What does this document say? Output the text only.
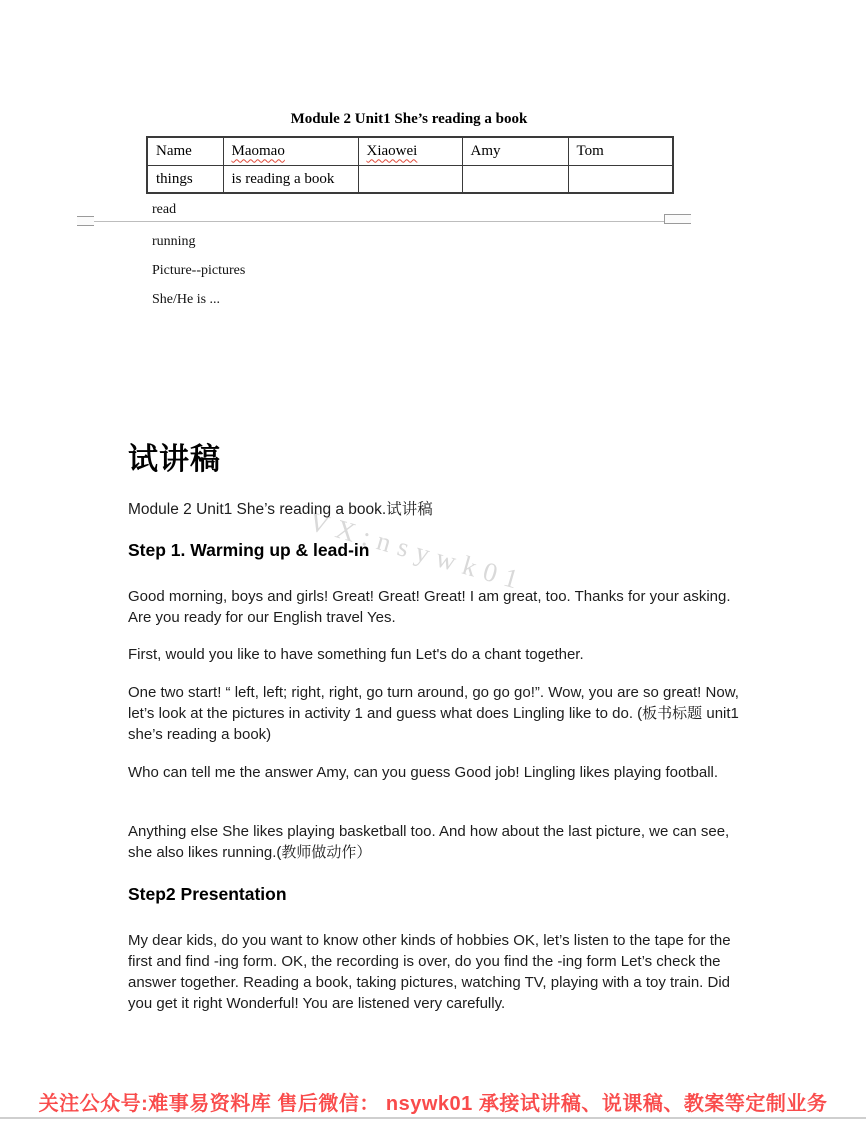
Module 2 Unit1 She’s reading a book
Name	Maomao	Xiaowei	Amy	Tom
things	is reading a book			
read
running
Picture--pictures
She/He is ...
VX:nsywk01
试讲稿
Module 2 Unit1 She’s reading a book.试讲稿
Step 1. Warming up & lead-in

Good morning, boys and girls! Great! Great! Great! I am great, too. Thanks for your asking. Are you ready for our English travel Yes.

First, would you like to have something fun Let's do a chant together.

One two start! “ left, left; right, right, go turn around, go go go!”. Wow, you are so great! Now, let’s look at the pictures in activity 1 and guess what does Lingling like to do. (板书标题 unit1 she’s reading a book)

Who can tell me the answer Amy, can you guess Good job! Lingling likes playing football.

Anything else She likes playing basketball too. And how about the last picture, we can see, she also likes running.(教师做动作）

Step2 Presentation

My dear kids, do you want to know other kinds of hobbies OK, let’s listen to the tape for the first and find -ing form. OK, the recording is over, do you find the -ing form Let’s check the answer together. Reading a book, taking pictures, watching TV, playing with a toy train. Did you get it right Wonderful! You are listened very carefully.

关注公众号:难事易资料库 售后微信： nsywk01 承接试讲稿、说课稿、教案等定制业务
